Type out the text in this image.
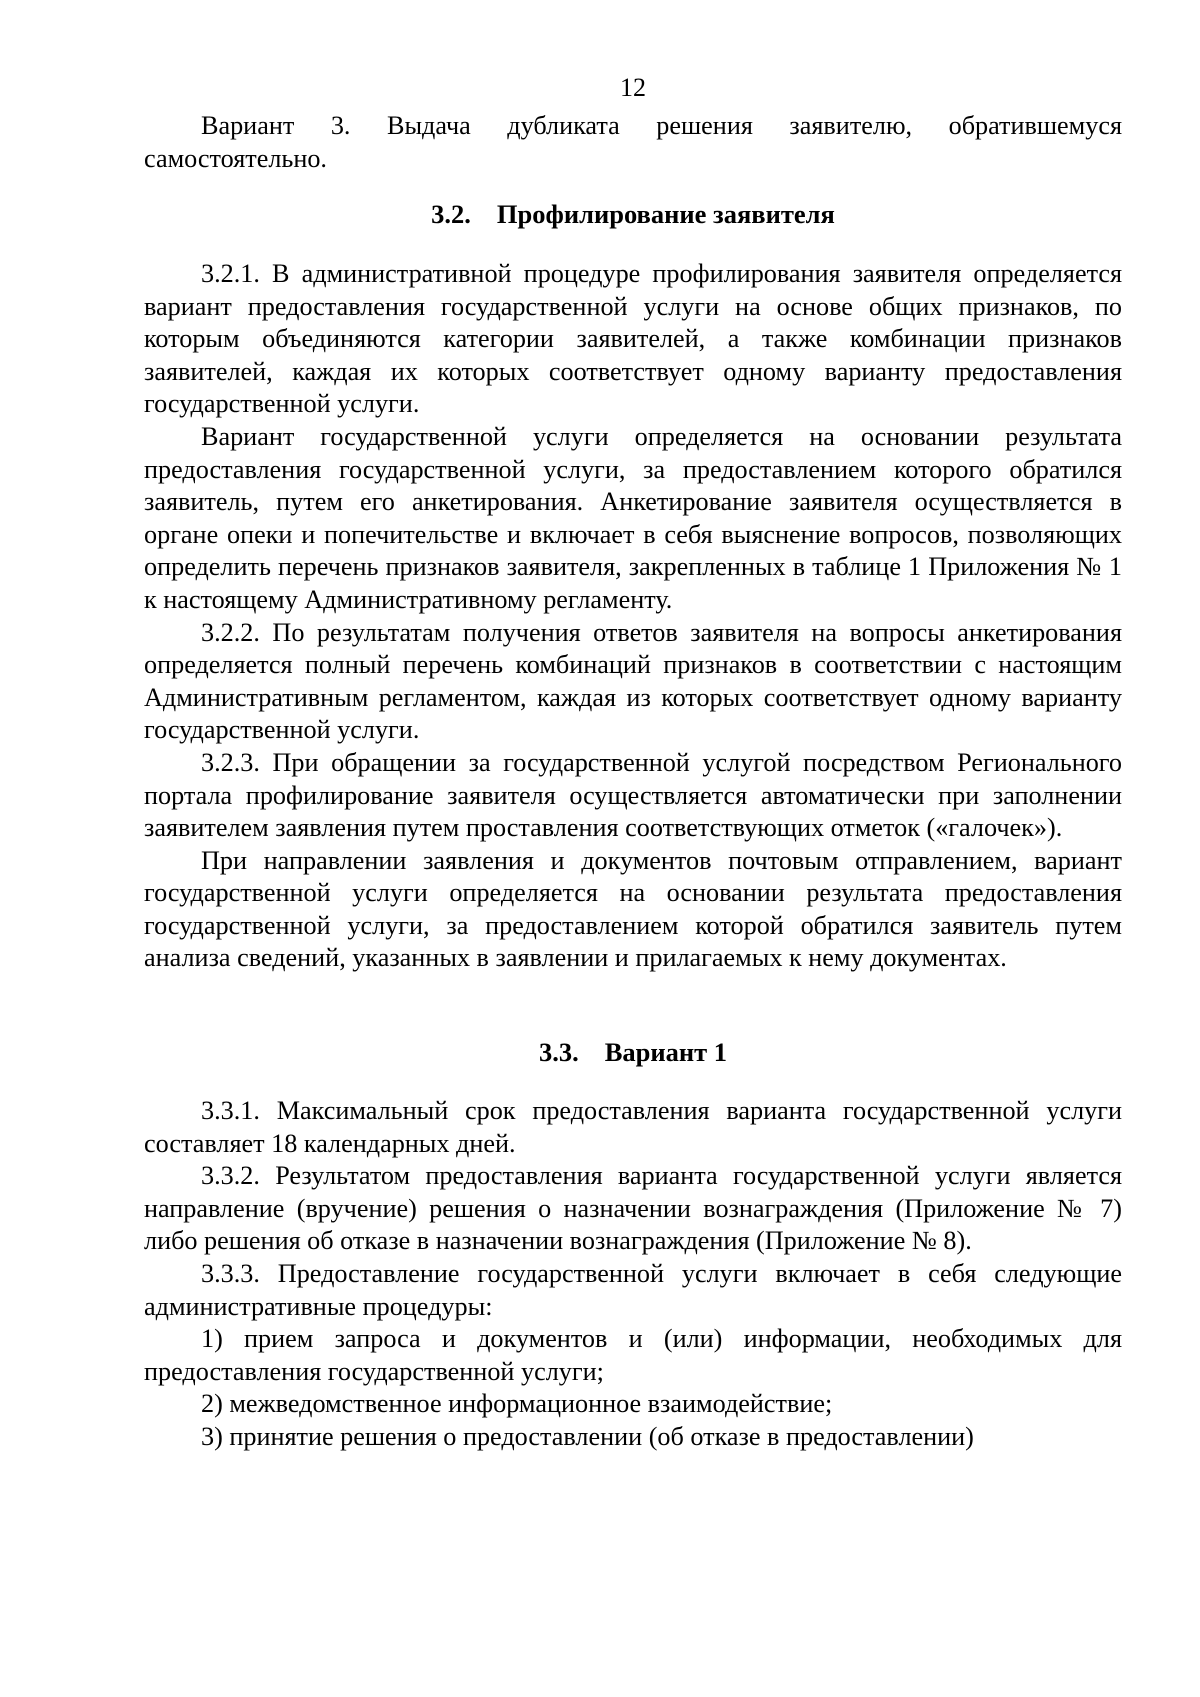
12

Вариант 3. Выдача дубликата решения заявителю, обратившемуся самостоятельно.

3.2. Профилирование заявителя

3.2.1. В административной процедуре профилирования заявителя определяется вариант предоставления государственной услуги на основе общих признаков, по которым объединяются категории заявителей, а также комбинации признаков заявителей, каждая их которых соответствует одному варианту предоставления государственной услуги.

Вариант государственной услуги определяется на основании результата предоставления государственной услуги, за предоставлением которого обратился заявитель, путем его анкетирования. Анкетирование заявителя осуществляется в органе опеки и попечительстве и включает в себя выяснение вопросов, позволяющих определить перечень признаков заявителя, закрепленных в таблице 1 Приложения № 1 к настоящему Административному регламенту.

3.2.2. По результатам получения ответов заявителя на вопросы анкетирования определяется полный перечень комбинаций признаков в соответствии с настоящим Административным регламентом, каждая из которых соответствует одному варианту государственной услуги.

3.2.3. При обращении за государственной услугой посредством Регионального портала профилирование заявителя осуществляется автоматически при заполнении заявителем заявления путем проставления соответствующих отметок («галочек»).

При направлении заявления и документов почтовым отправлением, вариант государственной услуги определяется на основании результата предоставления государственной услуги, за предоставлением которой обратился заявитель путем анализа сведений, указанных в заявлении и прилагаемых к нему документах.

3.3. Вариант 1

3.3.1. Максимальный срок предоставления варианта государственной услуги составляет 18 календарных дней.

3.3.2. Результатом предоставления варианта государственной услуги является направление (вручение) решения о назначении вознаграждения (Приложение № 7) либо решения об отказе в назначении вознаграждения (Приложение № 8).

3.3.3. Предоставление государственной услуги включает в себя следующие административные процедуры:

1) прием запроса и документов и (или) информации, необходимых для предоставления государственной услуги;

2) межведомственное информационное взаимодействие;

3) принятие решения о предоставлении (об отказе в предоставлении)
